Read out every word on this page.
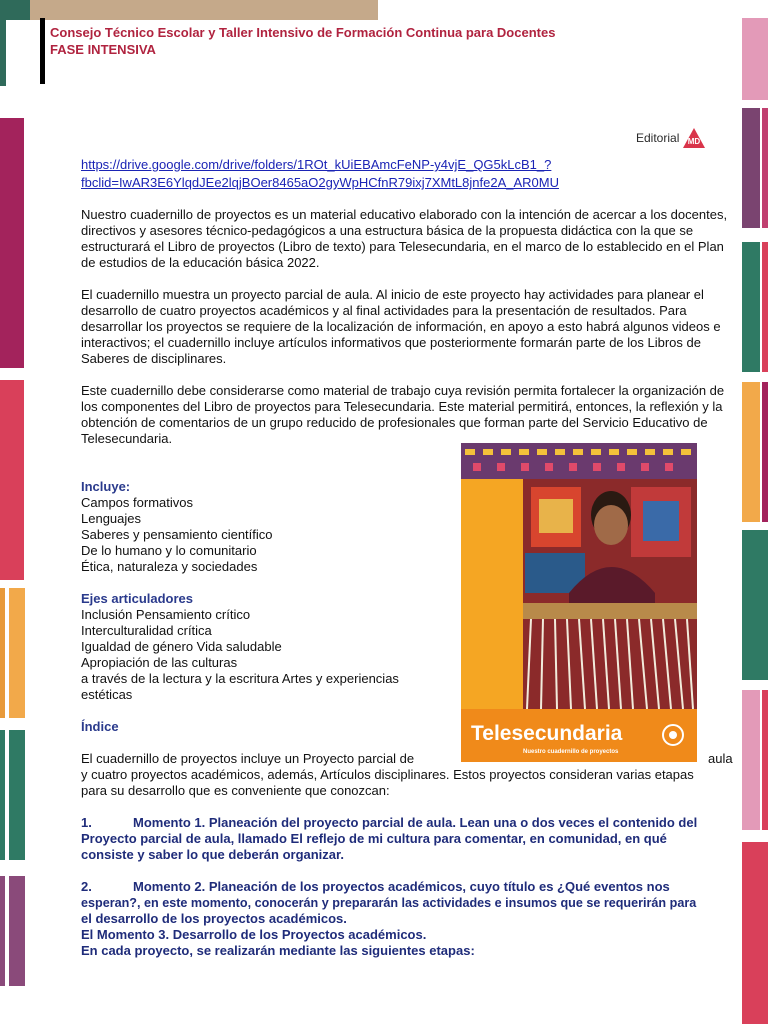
Consejo Técnico Escolar y Taller Intensivo de Formación Continua para Docentes
FASE INTENSIVA
Editorial MD
https://drive.google.com/drive/folders/1ROt_kUiEBAmcFeNP-y4vjE_QG5kLcB1_?
fbclid=IwAR3E6YlqdJEe2lqjBOer8465aO2gyWpHCfnR79ixj7XMtL8jnfe2A_AR0MU
Nuestro cuadernillo de proyectos es un material educativo elaborado con la intención de acercar a los docentes, directivos y asesores técnico-pedagógicos a una estructura básica de la propuesta didáctica con la que se estructurará el Libro de proyectos (Libro de texto) para Telesecundaria, en el marco de lo establecido en el Plan de estudios de la educación básica 2022.
El cuadernillo muestra un proyecto parcial de aula. Al inicio de este proyecto hay actividades para planear el desarrollo de cuatro proyectos académicos y al final actividades para la presentación de resultados. Para desarrollar los proyectos se requiere de la localización de información, en apoyo a esto habrá algunos videos e interactivos; el cuadernillo incluye artículos informativos que posteriormente formarán parte de los Libros de Saberes de disciplinares.
Este cuadernillo debe considerarse como material de trabajo cuya revisión permita fortalecer la organización de los componentes del Libro de proyectos para Telesecundaria. Este material permitirá, entonces, la reflexión y la obtención de comentarios de un grupo reducido de profesionales que forman parte del Servicio Educativo de Telesecundaria.
Incluye:
Campos formativos
Lenguajes
Saberes y pensamiento científico
De lo humano y lo comunitario
Ética, naturaleza y sociedades
Ejes articuladores
Inclusión Pensamiento crítico
Interculturalidad crítica
Igualdad de género Vida saludable
Apropiación de las culturas
a través de la lectura y la escritura Artes y experiencias
estéticas
Índice
El cuadernillo de proyectos incluye un Proyecto parcial de	aula
y cuatro proyectos académicos, además, Artículos disciplinares. Estos proyectos consideran varias etapas
para su desarrollo que es conveniente que conozcan:
1.	Momento 1. Planeación del proyecto parcial de aula. Lean una o dos veces el contenido del
Proyecto parcial de aula, llamado El reflejo de mi cultura para comentar, en comunidad, en qué
consiste y saber lo que deberán organizar.
2.	Momento 2. Planeación de los proyectos académicos, cuyo título es ¿Qué eventos nos
esperan?, en este momento, conocerán y prepararán las actividades e insumos que se requerirán para
el desarrollo de los proyectos académicos.
El Momento 3. Desarrollo de los Proyectos académicos.
En cada proyecto, se realizarán mediante las siguientes etapas:
Telesecundaria
Nuestro cuadernillo de proyectos
